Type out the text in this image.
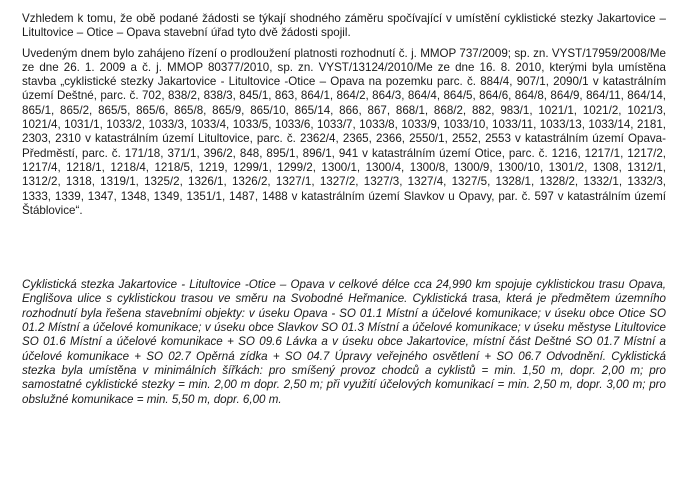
Vzhledem k tomu, že obě podané žádosti se týkají shodného záměru spočívající v umístění cyklistické stezky Jakartovice – Litultovice – Otice – Opava stavební úřad tyto dvě žádosti spojil.

Uvedeným dnem bylo zahájeno řízení o prodloužení platnosti rozhodnutí č. j. MMOP 737/2009; sp. zn. VYST/17959/2008/Me ze dne 26. 1. 2009 a č. j. MMOP 80377/2010, sp. zn. VYST/13124/2010/Me ze dne 16. 8. 2010, kterými byla umístěna stavba „cyklistické stezky Jakartovice - Litultovice -Otice – Opava na pozemku parc. č. 884/4, 907/1, 2090/1 v katastrálním území Deštné, parc. č. 702, 838/2, 838/3, 845/1, 863, 864/1, 864/2, 864/3, 864/4, 864/5, 864/6, 864/8, 864/9, 864/11, 864/14, 865/1, 865/2, 865/5, 865/6, 865/8, 865/9, 865/10, 865/14, 866, 867, 868/1, 868/2, 882, 983/1, 1021/1, 1021/2, 1021/3, 1021/4, 1031/1, 1033/2, 1033/3, 1033/4, 1033/5, 1033/6, 1033/7, 1033/8, 1033/9, 1033/10, 1033/11, 1033/13, 1033/14, 2181, 2303, 2310 v katastrálním území Litultovice, parc. č. 2362/4, 2365, 2366, 2550/1, 2552, 2553 v katastrálním území Opava-Předměstí, parc. č. 171/18, 371/1, 396/2, 848, 895/1, 896/1, 941 v katastrálním území Otice, parc. č. 1216, 1217/1, 1217/2, 1217/4, 1218/1, 1218/4, 1218/5, 1219, 1299/1, 1299/2, 1300/1, 1300/4, 1300/8, 1300/9, 1300/10, 1301/2, 1308, 1312/1, 1312/2, 1318, 1319/1, 1325/2, 1326/1, 1326/2, 1327/1, 1327/2, 1327/3, 1327/4, 1327/5, 1328/1, 1328/2, 1332/1, 1332/3, 1333, 1339, 1347, 1348, 1349, 1351/1, 1487, 1488 v katastrálním území Slavkov u Opavy, par. č. 597 v katastrálním území Štáblovice“.

Cyklistická stezka Jakartovice - Litultovice -Otice – Opava v celkové délce cca 24,990 km spojuje cyklistickou trasu Opava, Englišova ulice s cyklistickou trasou ve směru na Svobodné Heřmanice. Cyklistická trasa, která je předmětem územního rozhodnutí byla řešena stavebními objekty: v úseku Opava - SO 01.1 Místní a účelové komunikace; v úseku obce Otice SO 01.2 Místní a účelové komunikace; v úseku obce Slavkov SO 01.3 Místní a účelové komunikace; v úseku městyse Litultovice SO 01.6 Místní a účelové komunikace + SO 09.6 Lávka a v úseku obce Jakartovice, místní část Deštné SO 01.7 Místní a účelové komunikace + SO 02.7 Opěrná zídka + SO 04.7 Úpravy veřejného osvětlení + SO 06.7 Odvodnění. Cyklistická stezka byla umístěna v minimálních šířkách: pro smíšený provoz chodců a cyklistů = min. 1,50 m, dopr. 2,00 m; pro samostatné cyklistické stezky = min. 2,00 m dopr. 2,50 m; při využití účelových komunikací = min. 2,50 m, dopr. 3,00 m; pro obslužné komunikace = min. 5,50 m, dopr. 6,00 m.
